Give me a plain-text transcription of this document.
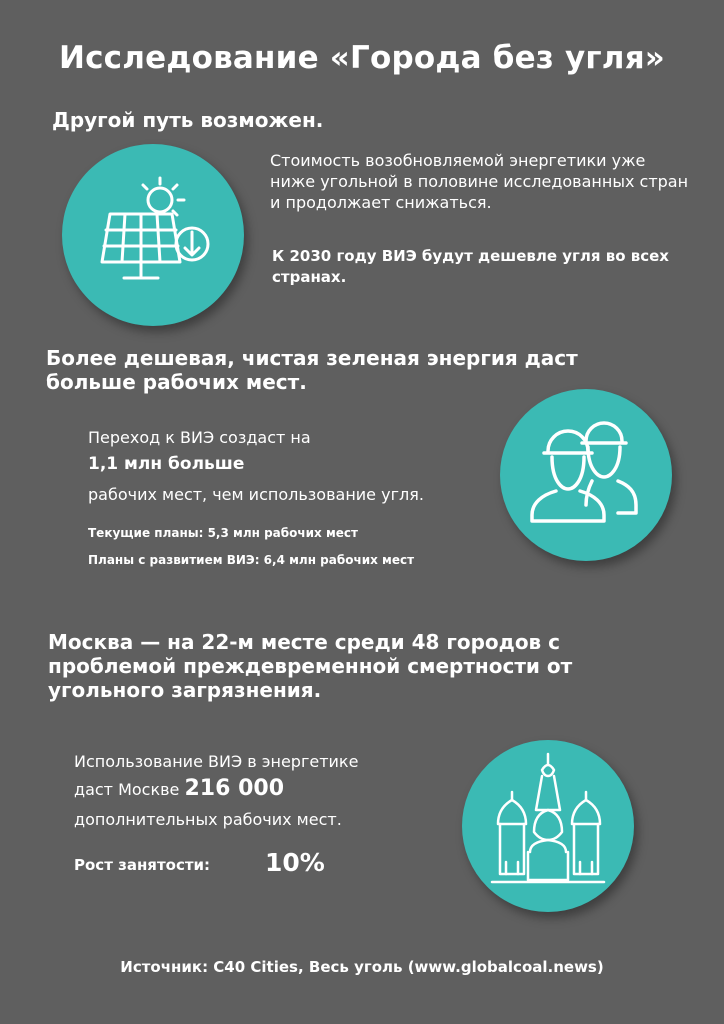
Исследование «Города без угля»
Другой путь возможен.
Стоимость возобновляемой энергетики уже ниже угольной в половине исследованных стран и продолжает снижаться.
К 2030 году ВИЭ будут дешевле угля во всех странах.
Более дешевая, чистая зеленая энергия даст больше рабочих мест.
Переход к ВИЭ создаст на
1,1 млн больше
рабочих мест, чем использование угля.
Текущие планы: 5,3 млн рабочих мест
Планы с развитием ВИЭ: 6,4 млн рабочих мест
Москва — на 22-м месте среди 48 городов с проблемой преждевременной смертности от угольного загрязнения.
Использование ВИЭ в энергетике
даст Москве 216 000
дополнительных рабочих мест.
Рост занятости: 10%
Источник: С40 Cities, Весь уголь (www.globalcoal.news)
